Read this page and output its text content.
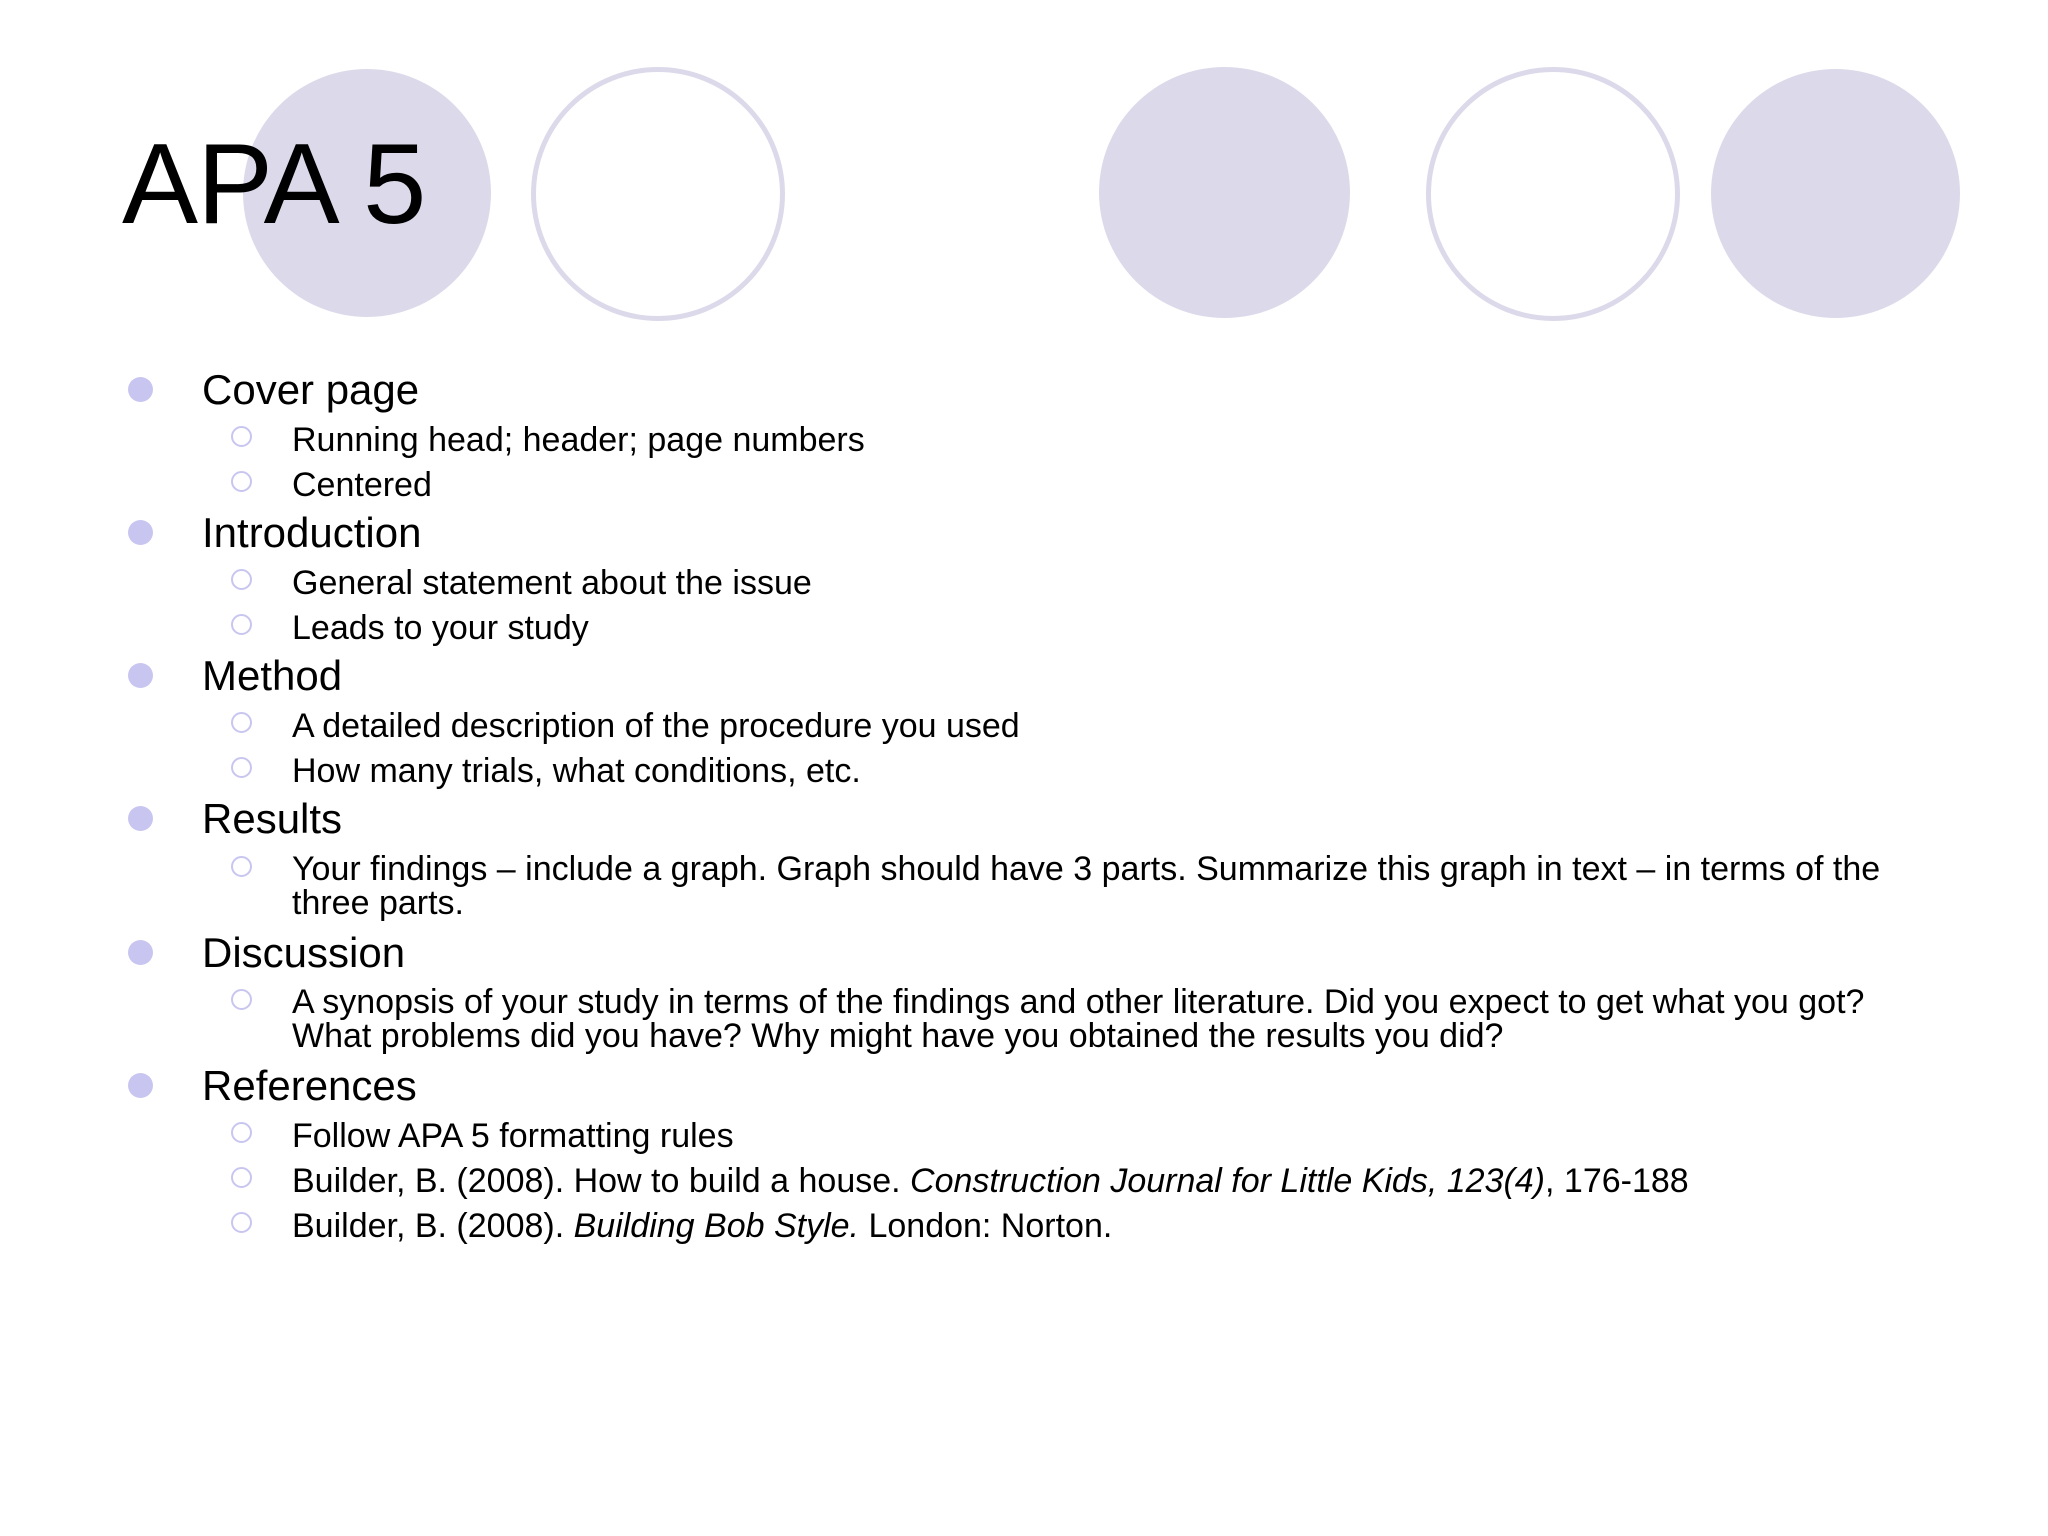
APA 5
Cover page
Running head; header; page numbers
Centered
Introduction
General statement about the issue
Leads to your study
Method
A detailed description of the procedure you used
How many trials, what conditions, etc.
Results
Your findings – include a graph. Graph should have 3 parts. Summarize this graph in text – in terms of the three parts.
Discussion
A synopsis of your study in terms of the findings and other literature. Did you expect to get what you got? What problems did you have? Why might have you obtained the results you did?
References
Follow APA 5 formatting rules
Builder, B. (2008). How to build a house. Construction Journal for Little Kids, 123(4), 176-188
Builder, B. (2008). Building Bob Style. London: Norton.
